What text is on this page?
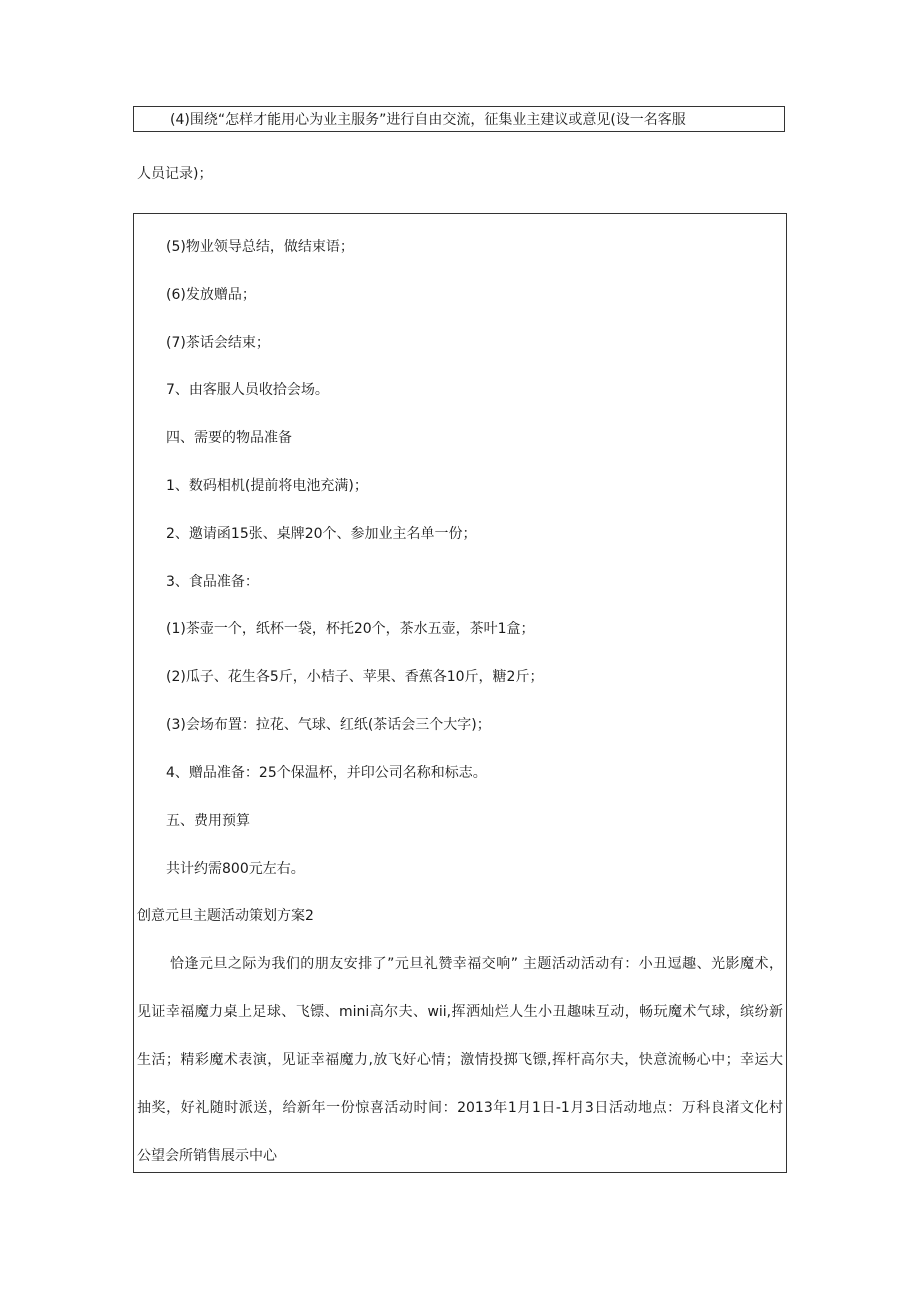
(4)围绕“怎样才能用心为业主服务”进行自由交流，征集业主建议或意见(设一名客服
人员记录)；
(5)物业领导总结，做结束语；
(6)发放赠品；
(7)茶话会结束；
7、由客服人员收拾会场。
四、需要的物品准备
1、数码相机(提前将电池充满)；
2、邀请函15张、桌牌20个、参加业主名单一份；
3、食品准备：
(1)茶壶一个，纸杯一袋，杯托20个，茶水五壶，茶叶1盒；
(2)瓜子、花生各5斤，小桔子、苹果、香蕉各10斤，糖2斤；
(3)会场布置：拉花、气球、红纸(茶话会三个大字)；
4、赠品准备：25个保温杯，并印公司名称和标志。
五、费用预算
共计约需800元左右。
创意元旦主题活动策划方案2
恰逢元旦之际为我们的朋友安排了”元旦礼赞幸福交响” 主题活动活动有：小丑逗趣、光影魔术，
见证幸福魔力桌上足球、飞镖、mini高尔夫、wii,挥洒灿烂人生小丑趣味互动，畅玩魔术气球，缤纷新
生活；精彩魔术表演，见证幸福魔力,放飞好心情；激情投掷飞镖,挥杆高尔夫，快意流畅心中；幸运大
抽奖，好礼随时派送，给新年一份惊喜活动时间：2013年1月1日-1月3日活动地点：万科良渚文化村
公望会所销售展示中心
